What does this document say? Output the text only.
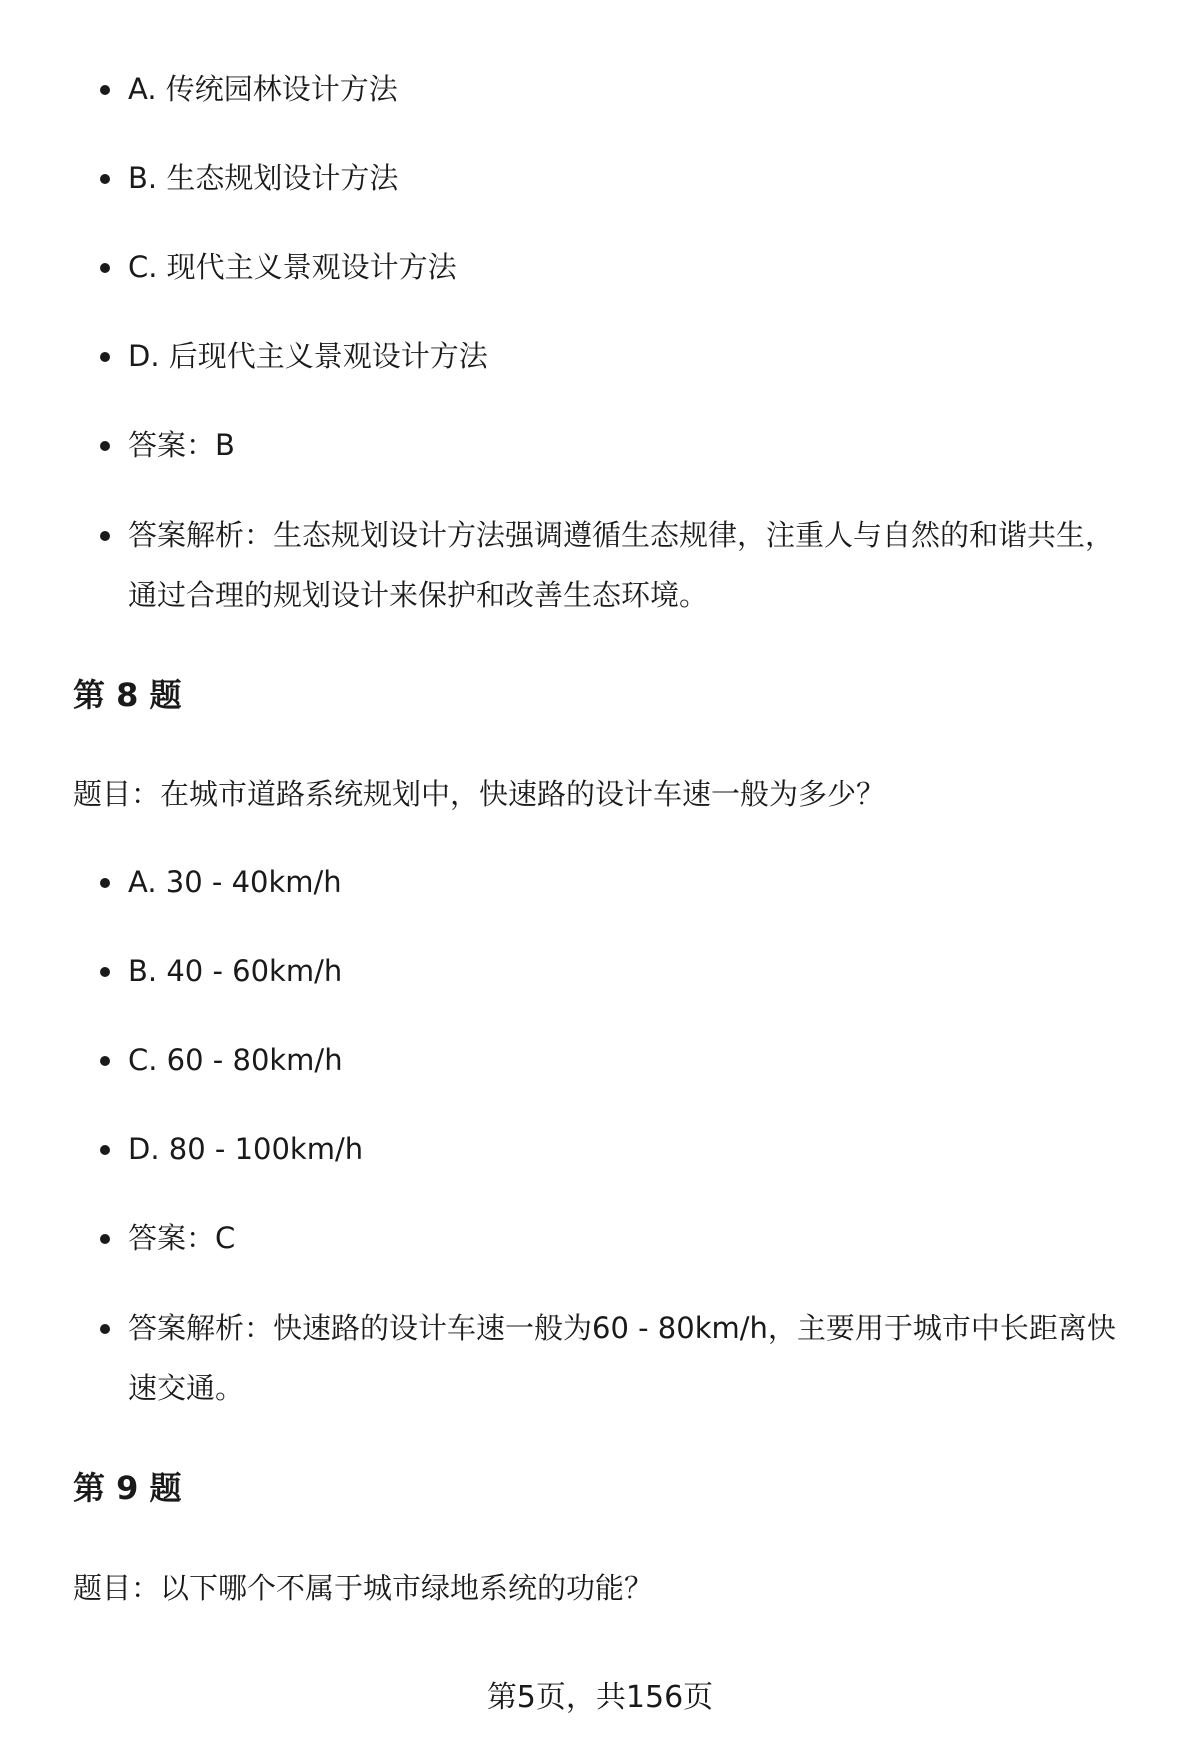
A. 传统园林设计方法
B. 生态规划设计方法
C. 现代主义景观设计方法
D. 后现代主义景观设计方法
答案：B
答案解析：生态规划设计方法强调遵循生态规律，注重人与自然的和谐共生，通过合理的规划设计来保护和改善生态环境。
第 8 题
题目：在城市道路系统规划中，快速路的设计车速一般为多少？
A. 30 - 40km/h
B. 40 - 60km/h
C. 60 - 80km/h
D. 80 - 100km/h
答案：C
答案解析：快速路的设计车速一般为60 - 80km/h，主要用于城市中长距离快速交通。
第 9 题
题目：以下哪个不属于城市绿地系统的功能？
第5页，共156页
